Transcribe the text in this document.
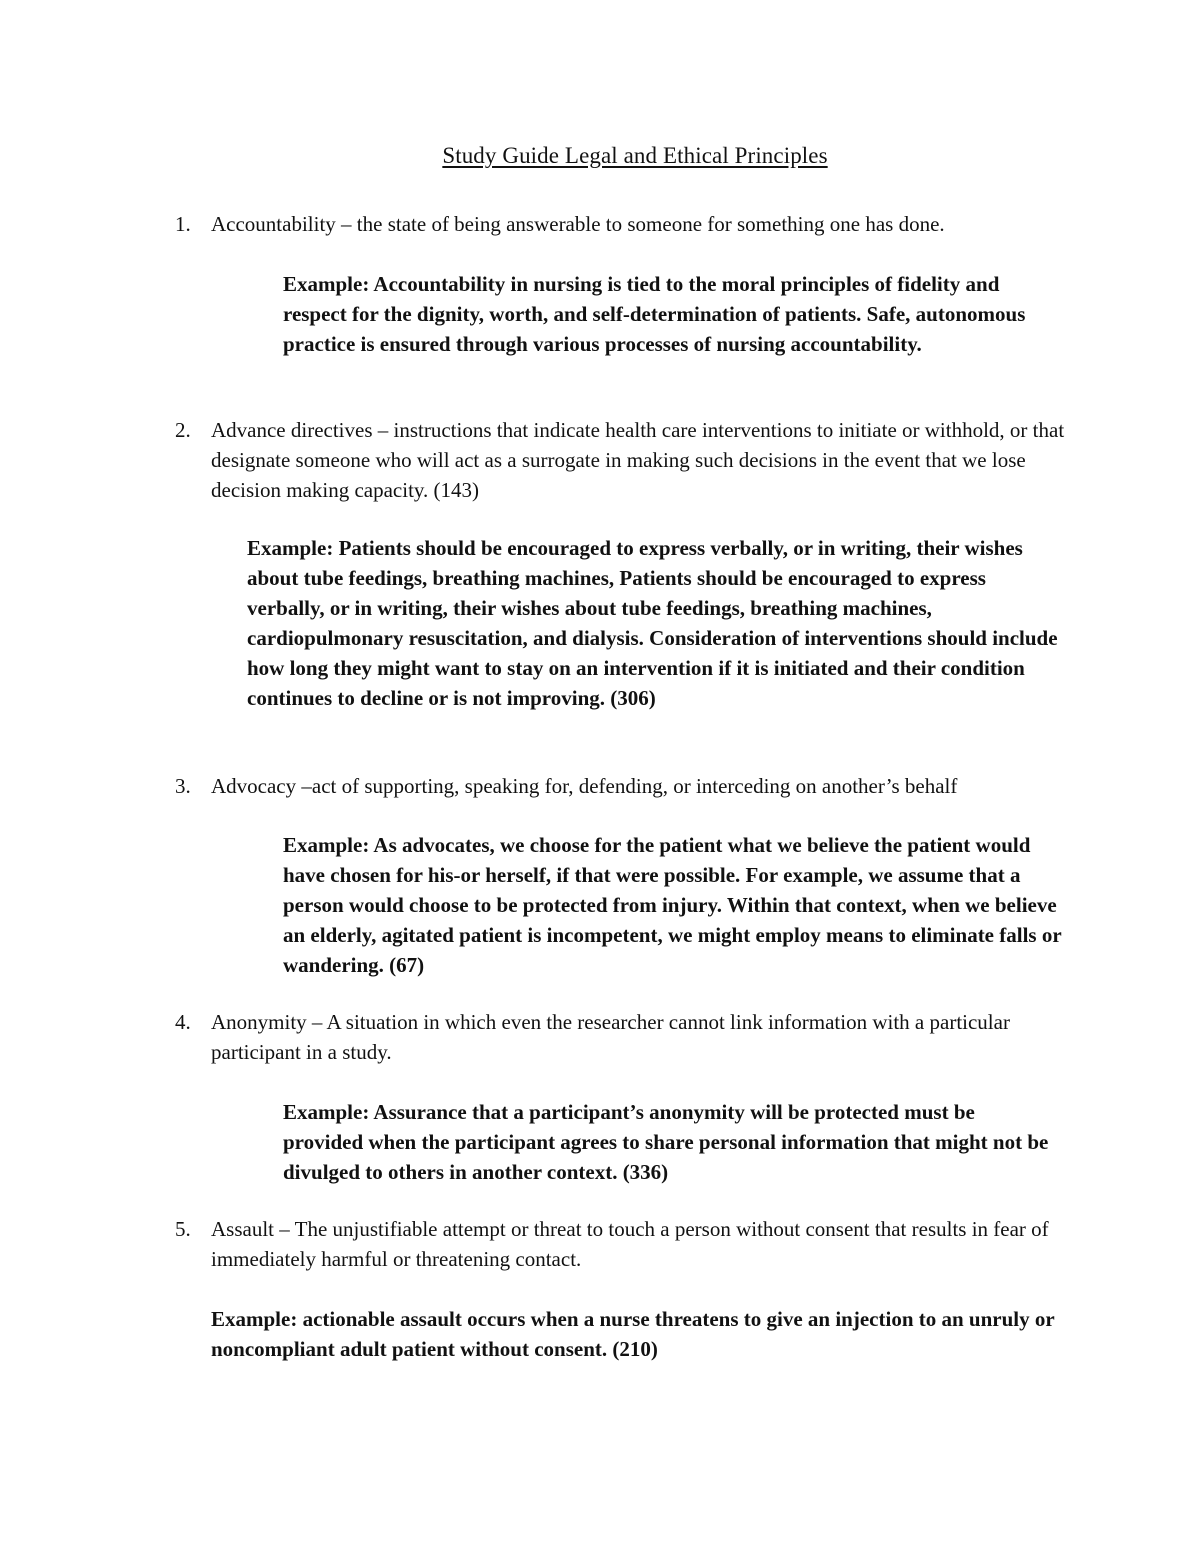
Study Guide Legal and Ethical Principles
1. Accountability – the state of being answerable to someone for something one has done.
Example: Accountability in nursing is tied to the moral principles of fidelity and respect for the dignity, worth, and self-determination of patients. Safe, autonomous practice is ensured through various processes of nursing accountability.
2. Advance directives – instructions that indicate health care interventions to initiate or withhold, or that designate someone who will act as a surrogate in making such decisions in the event that we lose decision making capacity. (143)
Example: Patients should be encouraged to express verbally, or in writing, their wishes about tube feedings, breathing machines, Patients should be encouraged to express verbally, or in writing, their wishes about tube feedings, breathing machines, cardiopulmonary resuscitation, and dialysis. Consideration of interventions should include how long they might want to stay on an intervention if it is initiated and their condition continues to decline or is not improving. (306)
3. Advocacy –act of supporting, speaking for, defending, or interceding on another’s behalf
Example: As advocates, we choose for the patient what we believe the patient would have chosen for his-or herself, if that were possible. For example, we assume that a person would choose to be protected from injury. Within that context, when we believe an elderly, agitated patient is incompetent, we might employ means to eliminate falls or wandering. (67)
4. Anonymity – A situation in which even the researcher cannot link information with a particular participant in a study.
Example: Assurance that a participant’s anonymity will be protected must be provided when the participant agrees to share personal information that might not be divulged to others in another context. (336)
5. Assault – The unjustifiable attempt or threat to touch a person without consent that results in fear of immediately harmful or threatening contact.
Example: actionable assault occurs when a nurse threatens to give an injection to an unruly or noncompliant adult patient without consent. (210)
